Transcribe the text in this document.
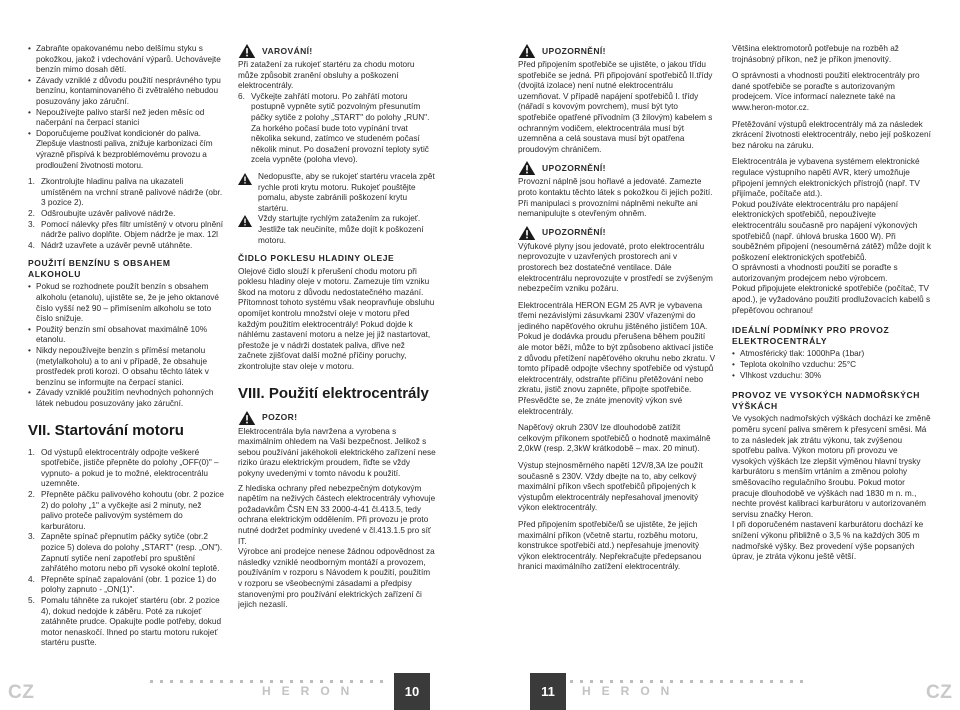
• Zabraňte opakovanému nebo delšímu styku s pokožkou, jakož i vdechování výparů. Uchovávejte benzín mimo dosah dětí.
• Závady vzniklé z důvodu použití nesprávného typu benzínu, kontaminovaného či zvětralého nebudou posuzovány jako záruční.
• Nepoužívejte palivo starší než jeden měsíc od načerpání na čerpací stanici
• Doporučujeme používat kondicionér do paliva. Zlepšuje vlastnosti paliva, znižuje karbonizaci čím výrazně přispívá k bezproblémovému provozu a prodloužení životnosti motoru.
1. Zkontrolujte hladinu paliva na ukazateli umístěném na vrchní straně palivové nádrže (obr. 3 pozice 2).
2. Odšroubujte uzávěr palivové nádrže.
3. Pomocí nálevky přes filtr umístěný v otvoru plnění nádrže palivo doplňte. Objem nádrže je max. 12l
4. Nádrž uzavřete a uzávěr pevně utáhněte.
POUŽITÍ BENZÍNU S OBSAHEM ALKOHOLU
• Pokud se rozhodnete použít benzín s obsahem alkoholu (etanolu), ujistěte se, že je jeho oktanové číslo vyšší než 90 – přimísením alkoholu se toto číslo snižuje.
• Použitý benzín smí obsahovat maximálně 10% etanolu.
• Nikdy nepoužívejte benzín s příměsí metanolu (metylalkoholu) a to ani v případě, že obsahuje prostředek proti korozi. O obsahu těchto látek v benzínu se informujte na čerpací stanici.
• Závady vzniklé použitím nevhodných pohonných látek nebudou posuzovány jako záruční.
VII. Startování motoru
1. Od výstupů elektrocentrály odpojte veškeré spotřebiče, jističe přepněte do polohy „OFF(0)" –vypnuto- a pokud je to možné, elektrocentrálu uzemněte.
2. Přepněte páčku palivového kohoutu (obr. 2 pozice 2) do polohy „1" a vyčkejte asi 2 minuty, než palivo proteče palivovým systémem do karburátoru.
3. Zapněte spínač přepnutím páčky sytiče (obr.2 pozice 5) doleva do polohy „START" (resp. „ON"). Zapnutí sytiče není zapotřebí pro spuštění zahřátého motoru nebo při vysoké okolní teplotě.
4. Přepněte spínač zapalování (obr. 1 pozice 1) do polohy zapnuto - „ON(1)".
5. Pomalu táhněte za rukojeť startéru (obr. 2 pozice 4), dokud nedojde k záběru. Poté za rukojeť zatáhněte prudce. Opakujte podle potřeby, dokud motor nenaskočí. Ihned po startu motoru rukojeť startéru pusťte.
VAROVÁNÍ!
Při zatažení za rukojeť startéru za chodu motoru může způsobit zranění obsluhy a poškození elektrocentrály.
6. Vyčkejte zahřátí motoru. Po zahřátí motoru postupně vypněte sytič pozvolným přesunutím páčky sytiče z polohy „START" do polohy „RUN". Za horkého počasí bude toto vypínání trvat několika sekund, zatímco ve studeném počasí několik minut. Po dosažení provozní teploty sytič zcela vypněte (poloha vlevo).
Nedopusťte, aby se rukojeť startéru vracela zpět rychle proti krytu motoru. Rukojeť pouštějte pomalu, abyste zabránili poškození krytu startéru.
Vždy startujte rychlým zatažením za rukojeť. Jestliže tak neučiníte, může dojít k poškození motoru.
ČIDLO POKLESU HLADINY OLEJE
Olejové čidlo slouží k přerušení chodu motoru při poklesu hladiny oleje v motoru. Zamezuje tím vzniku škod na motoru z důvodu nedostatečného mazání. Přítomnost tohoto systému však neopravňuje obsluhu opomíjet kontrolu množství oleje v motoru před každým použitím elektrocentrály! Pokud dojde k náhlému zastavení motoru a nelze jej již nastartovat, přestože je v nádrži dostatek paliva, dřive než začnete zjišťovat další možné příčiny poruchy, zkontrolujte stav oleje v motoru.
VIII. Použití elektrocentrály
POZOR!
Elektrocentrála byla navržena a vyrobena s maximálním ohledem na Vaši bezpečnost. Jelikož s sebou používání jakéhokoli elektrického zařízení nese riziko úrazu elektrickým proudem, řiďte se vždy pokyny uvedenými v tomto návodu k použití.
Z hlediska ochrany před nebezpečným dotykovým napětím na neživých částech elektrocentrály vyhovuje požadavkům ČSN EN 33 2000-4-41 čl.413.5, tedy ochrana elektrickým oddělením. Při provozu je proto nutné dodržet podmínky uvedené v čl.413.1.5 pro síť IT.
Výrobce ani prodejce nenese žádnou odpovědnost za následky vzniklé neodborným montáží a provozem, používáním v rozporu s Návodem k použití, použitím v rozporu se všeobecnými zásadami a předpisy stanovenými pro používání elektrických zařízení či jejich nezaslí.
UPOZORNĚNÍ!
Před připojením spotřebiče se ujistěte, o jakou třídu spotřebiče se jedná. Při připojování spotřebičů II.třídy (dvojitá izolace) není nutné elektrocentrálu uzemňovat. V případě napájení spotřebičů I. třídy (nářadí s kovovým povrchem), musí být tyto spotřebiče opatřené přívodním (3 žílovým) kabelem s ochranným vodičem, elektrocentrála musí být uzemněna a celá soustava musí být opatřena proudovým chráničem.
UPOZORNĚNÍ!
Provozní náplně jsou hořlavé a jedovaté. Zamezte proto kontaktu těchto látek s pokožkou či jejich požití. Při manipulaci s provozními náplněmi nekuřte ani nemanipulujte s otevřeným ohněm.
UPOZORNĚNÍ!
Výfukové plyny jsou jedovaté, proto elektrocentrálu neprovozujte v uzavřených prostorech ani v prostorech bez dostatečné ventilace. Dále elektrocentrálu neprovozujte v prostředí se zvýšeným nebezpečím vzniku požáru.
Elektrocentrála HERON EGM 25 AVR je vybavena třemi nezávislými zásuvkami 230V vřazenými do jediného napěťového okruhu jištěného jističem 10A.
Pokud je dodávka proudu přerušena během použití ale motor běží, může to být způsobeno aktivací jističe z důvodu přetížení napěťového okruhu nebo zkratu. V tomto případě odpojte všechny spotřebiče od výstupů elektrocentrály, odstraňte příčinu přetěžování nebo zkratu, jistič znovu zapněte, připojte spotřebiče. Přesvědčte se, že znáte jmenovitý výkon své elektrocentrály.
Napěťový okruh 230V lze dlouhodobě zatížit celkovým příkonem spotřebičů o hodnotě maximálně 2,0kW (resp. 2,3kW krátkodobě – max. 20 minut).
Výstup stejnosměrného napětí 12V/8,3A lze použít současně s 230V. Vždy dbejte na to, aby celkový maximální příkon všech spotřebičů připojených k výstupům elektrocentrály nepřesahoval jmenovitý výkon elektrocentrály.
Před připojením spotřebiče/ů se ujistěte, že jejich maximální příkon (včetně startu, rozběhu motoru, konstrukce spotřebiči atd.) nepřesahuje jmenovitý výkon elektrocentrály. Nepřekračujte předepsanou hranici maximálního zatížení elektrocentrály.
Většina elektromotorů potřebuje na rozběh až trojnásobný příkon, než je příkon jmenovitý.
O správnosti a vhodnosti použití elektrocentrály pro dané spotřebiče se poraďte s autorizovaným prodejcem. Více informací naleznete také na www.heron-motor.cz.
Přetěžování výstupů elektrocentrály má za následek zkrácení životnosti elektrocentrály, nebo její poškození bez nároku na záruku.
Elektrocentrála je vybavena systémem elektronické regulace výstupního napětí AVR, který umožňuje připojení jemných elektronických přístrojů (např. TV přijímače, počítače atd.).
Pokud používáte elektrocentrálu pro napájení elektronických spotřebičů, nepoužívejte elektrocentrálu současně pro napájení výkonových spotřebičů (např. úhlová bruska 1600 W). Při souběžném připojení (nesouměrná zátěž) může dojít k poškození elektronických spotřebičů.
O správnosti a vhodnosti použití se poraďte s autorizovaným prodejcem nebo výrobcem.
Pokud připojujete elektronické spotřebiče (počítač, TV apod.), je vyžadováno použití prodlužovacích kabelů s přepěťovou ochranou!
IDEÁLNÍ PODMÍNKY PRO PROVOZ ELEKTROCENTRÁLY
• Atmosférický tlak: 1000hPa (1bar)
• Teplota okolního vzduchu: 25°C
• Vlhkost vzduchu: 30%
PROVOZ VE VYSOKÝCH NADMOŘSKÝCH VÝŠKÁCH
Ve vysokých nadmořských výškách dochází ke změně poměru sycení paliva směrem k přesycení směsi. Má to za následek jak ztrátu výkonu, tak zvýšenou spotřebu paliva. Výkon motoru při provozu ve vysokých výškách lze zlepšit výměnou hlavní trysky karburátoru s menším vrtáním a změnou polohy směšovacího regulačního šroubu. Pokud motor pracuje dlouhodobě ve výškách nad 1830 m n. m., nechte provést kalibraci karburátoru v autorizovaném servisu značky Heron.
I při doporučeném nastavení karburátoru dochází ke snížení výkonu přibližně o 3,5 % na každých 305 m nadmořské výšky. Bez provedení výše popsaných úprav, je ztráta výkonu ještě větší.
CZ	CZ
HERON	HERON
10	11
